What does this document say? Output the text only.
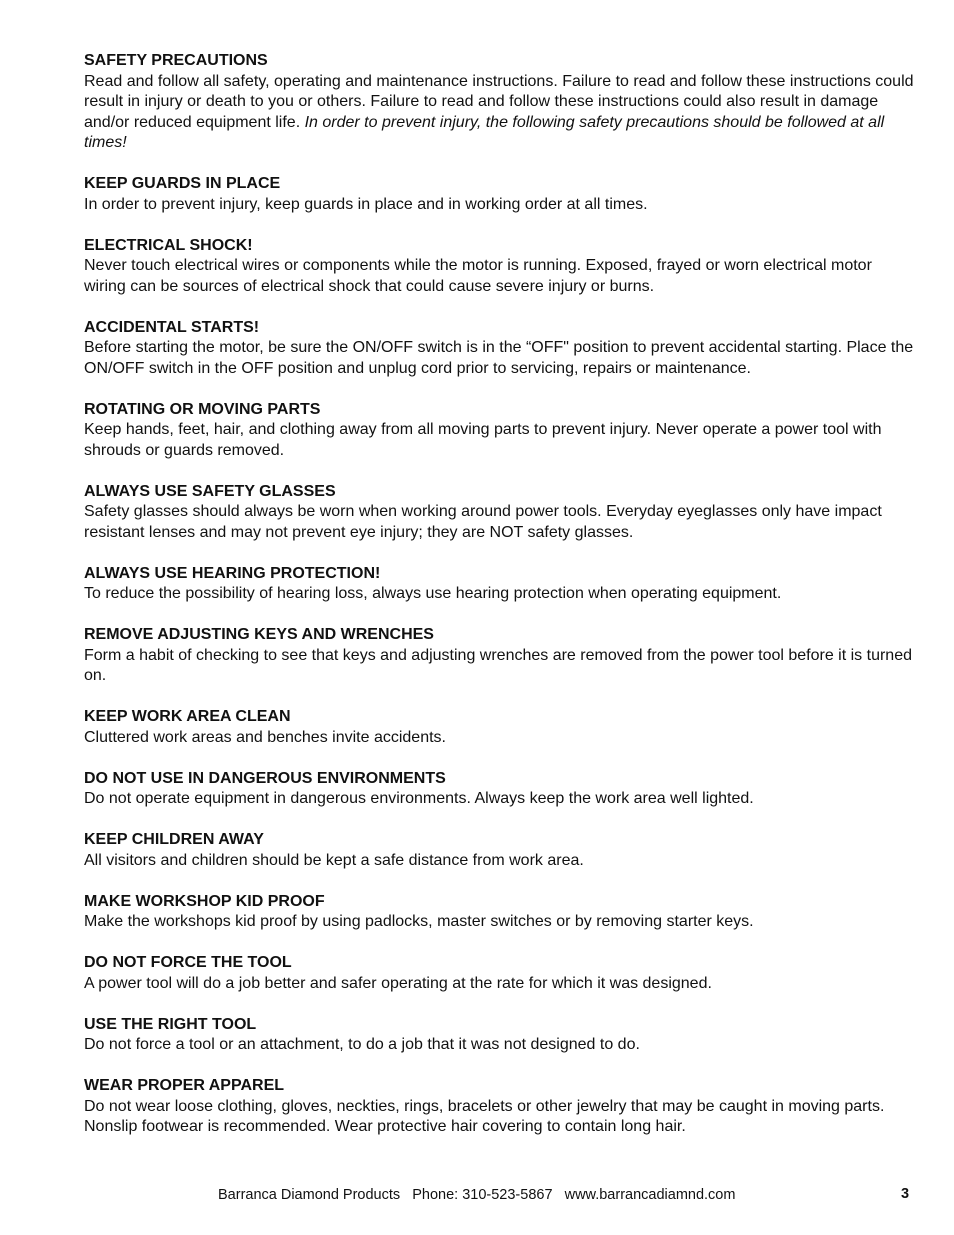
SAFETY PRECAUTIONS

Read and follow all safety, operating and maintenance instructions. Failure to read and follow these instructions could result in injury or death to you or others. Failure to read and follow these instructions could also result in damage and/or reduced equipment life. In order to prevent injury, the following safety precautions should be followed at all times!

KEEP GUARDS IN PLACE

In order to prevent injury, keep guards in place and in working order at all times.

ELECTRICAL SHOCK!

Never touch electrical wires or components while the motor is running. Exposed, frayed or worn electrical motor wiring can be sources of electrical shock that could cause severe injury or burns.

ACCIDENTAL STARTS!

Before starting the motor, be sure the ON/OFF switch is in the “OFF" position to prevent accidental starting. Place the ON/OFF switch in the OFF position and unplug cord prior to servicing, repairs or maintenance.

ROTATING OR MOVING PARTS

Keep hands, feet, hair, and clothing away from all moving parts to prevent injury. Never operate a power tool with shrouds or guards removed.

ALWAYS USE SAFETY GLASSES

Safety glasses should always be worn when working around power tools. Everyday eyeglasses only have impact resistant lenses and may not prevent eye injury; they are NOT safety glasses.

ALWAYS USE HEARING PROTECTION!

To reduce the possibility of hearing loss, always use hearing protection when operating equipment.

REMOVE ADJUSTING KEYS AND WRENCHES

Form a habit of checking to see that keys and adjusting wrenches are removed from the power tool before it is turned on.

KEEP WORK AREA CLEAN

Cluttered work areas and benches invite accidents.

DO NOT USE IN DANGEROUS ENVIRONMENTS

Do not operate equipment in dangerous environments. Always keep the work area well lighted.

KEEP CHILDREN AWAY

All visitors and children should be kept a safe distance from work area.

MAKE WORKSHOP KID PROOF

Make the workshops kid proof by using padlocks, master switches or by removing starter keys.

DO NOT FORCE THE TOOL

A power tool will do a job better and safer operating at the rate for which it was designed.

USE THE RIGHT TOOL

Do not force a tool or an attachment, to do a job that it was not designed to do.

WEAR PROPER APPAREL

Do not wear loose clothing, gloves, neckties, rings, bracelets or other jewelry that may be caught in moving parts. Nonslip footwear is recommended. Wear protective hair covering to contain long hair.

Barranca Diamond Products   Phone: 310-523-5867   www.barrancadiamnd.com	3
